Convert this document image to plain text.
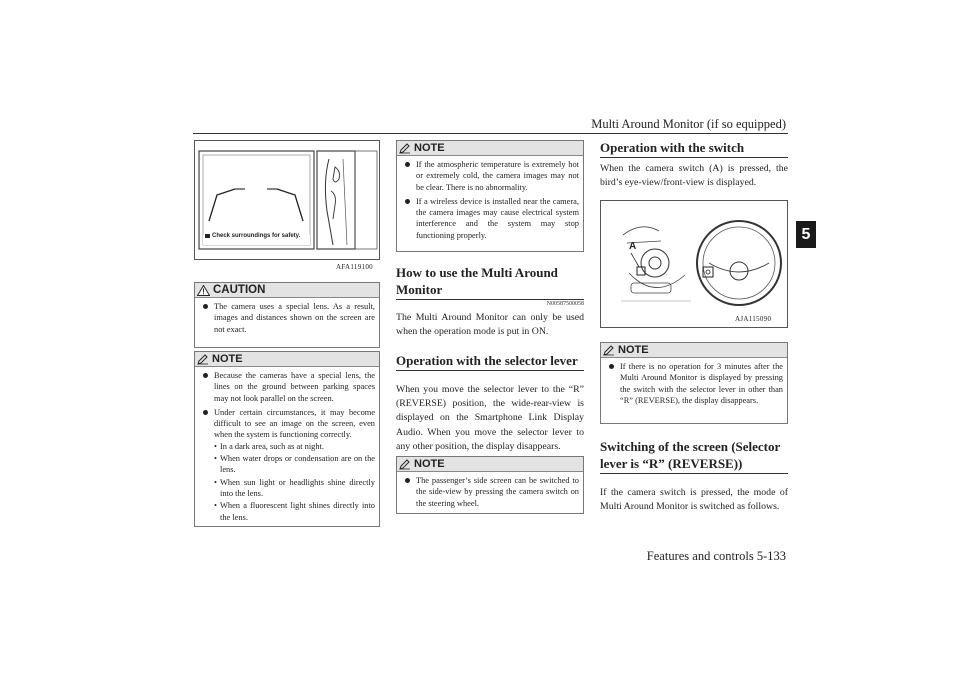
Multi Around Monitor (if so equipped)
5
Check surroundings for safety.
AFA119100
CAUTION
The camera uses a special lens. As a result, images and distances shown on the screen are not exact.
NOTE
Because the cameras have a special lens, the lines on the ground between parking spaces may not look parallel on the screen.
Under certain circumstances, it may become difficult to see an image on the screen, even when the system is functioning correctly.
• In a dark area, such as at night.
• When water drops or condensation are on the lens.
• When sun light or headlights shine directly into the lens.
• When a fluorescent light shines directly into the lens.
NOTE
If the atmospheric temperature is extremely hot or extremely cold, the camera images may not be clear. There is no abnormality.
If a wireless device is installed near the camera, the camera images may cause electrical system interference and the system may stop functioning properly.
How to use the Multi Around Monitor
N00587500058
The Multi Around Monitor can only be used when the operation mode is put in ON.
Operation with the selector lever
When you move the selector lever to the “R” (REVERSE) position, the wide-rear-view is displayed on the Smartphone Link Display Audio. When you move the selector lever to any other position, the display disappears.
NOTE
The passenger’s side screen can be switched to the side-view by pressing the camera switch on the steering wheel.
Operation with the switch
When the camera switch (A) is pressed, the bird’s eye-view/front-view is displayed.
A
AJA115090
NOTE
If there is no operation for 3 minutes after the Multi Around Monitor is displayed by pressing the switch with the selector lever in other than “R” (REVERSE), the display disappears.
Switching of the screen (Selector lever is “R” (REVERSE))
If the camera switch is pressed, the mode of Multi Around Monitor is switched as follows.
Features and controls 5-133
